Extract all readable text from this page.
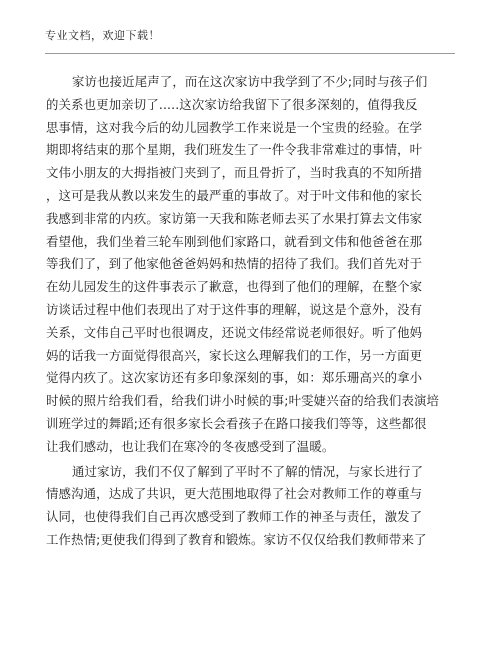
专业文档，欢迎下载！
家访也接近尾声了，而在这次家访中我学到了不少;同时与孩子们
的关系也更加亲切了.....这次家访给我留下了很多深刻的，值得我反
思事情，这对我今后的幼儿园教学工作来说是一个宝贵的经验。在学
期即将结束的那个星期，我们班发生了一件令我非常难过的事情，叶
文伟小朋友的大拇指被门夹到了，而且骨折了，当时我真的不知所措
，这可是我从教以来发生的最严重的事故了。对于叶文伟和他的家长
我感到非常的内疚。家访第一天我和陈老师去买了水果打算去文伟家
看望他，我们坐着三轮车刚到他们家路口，就看到文伟和他爸爸在那
等我们了，到了他家他爸爸妈妈和热情的招待了我们。我们首先对于
在幼儿园发生的这件事表示了歉意，也得到了他们的理解，在整个家
访谈话过程中他们表现出了对于这件事的理解，说这是个意外，没有
关系，文伟自己平时也很调皮，还说文伟经常说老师很好。听了他妈
妈的话我一方面觉得很高兴，家长这么理解我们的工作，另一方面更
觉得内疚了。这次家访还有多印象深刻的事，如：郑乐珊高兴的拿小
时候的照片给我们看，给我们讲小时候的事;叶雯婕兴奋的给我们表演培
训班学过的舞蹈;还有很多家长会看孩子在路口接我们等等，这些都很
让我们感动，也让我们在寒冷的冬夜感受到了温暖。
通过家访，我们不仅了解到了平时不了解的情况，与家长进行了
情感沟通，达成了共识，更大范围地取得了社会对教师工作的尊重与
认同，也使得我们自己再次感受到了教师工作的神圣与责任，激发了
工作热情;更使我们得到了教育和锻炼。家访不仅仅给我们教师带来了
